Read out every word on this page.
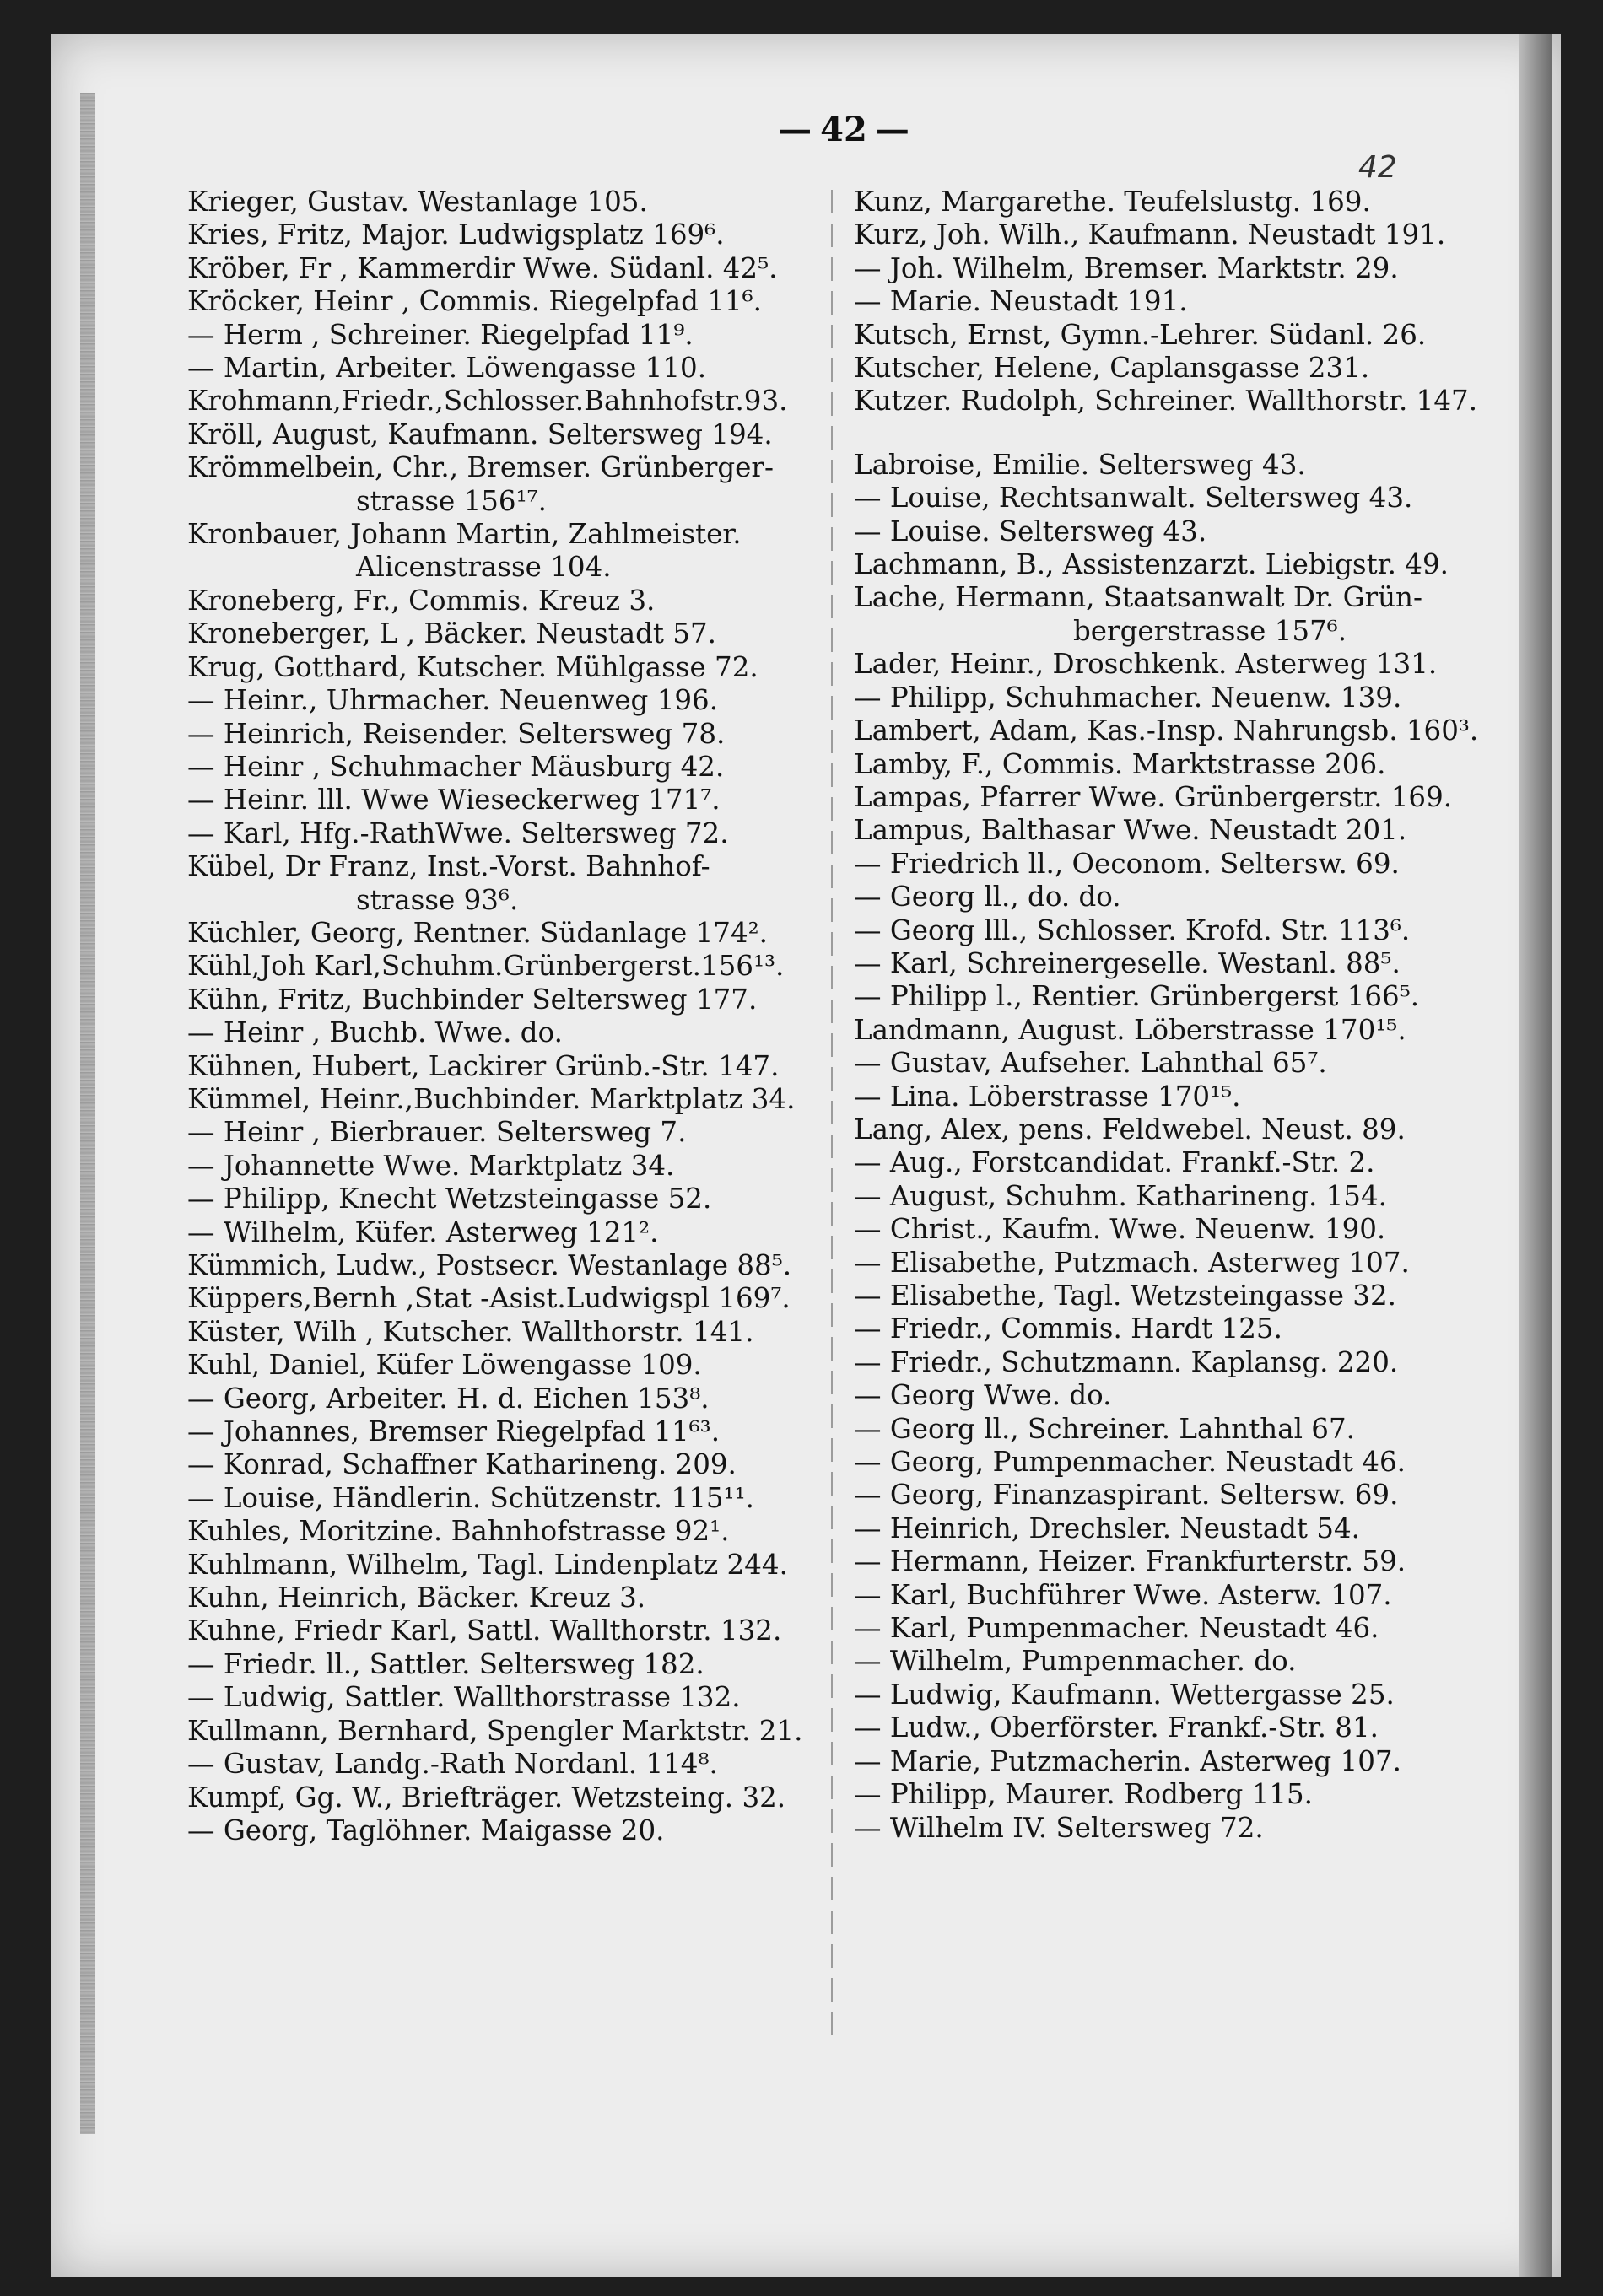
— 42 —
42
Krieger, Gustav. Westanlage 105.
Kries, Fritz, Major. Ludwigsplatz 169⁶.
Kröber, Fr , Kammerdir Wwe. Südanl. 42⁵.
Kröcker, Heinr , Commis. Riegelpfad 11⁶.
— Herm , Schreiner. Riegelpfad 11⁹.
— Martin, Arbeiter. Löwengasse 110.
Krohmann,Friedr.,Schlosser.Bahnhofstr.93.
Kröll, August, Kaufmann. Seltersweg 194.
Krömmelbein, Chr., Bremser. Grünberger-
strasse 156¹⁷.
Kronbauer, Johann Martin, Zahlmeister.
Alicenstrasse 104.
Kroneberg, Fr., Commis. Kreuz 3.
Kroneberger, L , Bäcker. Neustadt 57.
Krug, Gotthard, Kutscher. Mühlgasse 72.
— Heinr., Uhrmacher. Neuenweg 196.
— Heinrich, Reisender. Seltersweg 78.
— Heinr , Schuhmacher Mäusburg 42.
— Heinr. lll. Wwe Wieseckerweg 171⁷.
— Karl, Hfg.-RathWwe. Seltersweg 72.
Kübel, Dr Franz, Inst.-Vorst. Bahnhof-
strasse 93⁶.
Küchler, Georg, Rentner. Südanlage 174².
Kühl,Joh Karl,Schuhm.Grünbergerst.156¹³.
Kühn, Fritz, Buchbinder Seltersweg 177.
— Heinr , Buchb. Wwe. do.
Kühnen, Hubert, Lackirer Grünb.-Str. 147.
Kümmel, Heinr.,Buchbinder. Marktplatz 34.
— Heinr , Bierbrauer. Seltersweg 7.
— Johannette Wwe. Marktplatz 34.
— Philipp, Knecht Wetzsteingasse 52.
— Wilhelm, Küfer. Asterweg 121².
Kümmich, Ludw., Postsecr. Westanlage 88⁵.
Küppers,Bernh ,Stat -Asist.Ludwigspl 169⁷.
Küster, Wilh , Kutscher. Wallthorstr. 141.
Kuhl, Daniel, Küfer Löwengasse 109.
— Georg, Arbeiter. H. d. Eichen 153⁸.
— Johannes, Bremser Riegelpfad 11⁶³.
— Konrad, Schaffner Katharineng. 209.
— Louise, Händlerin. Schützenstr. 115¹¹.
Kuhles, Moritzine. Bahnhofstrasse 92¹.
Kuhlmann, Wilhelm, Tagl. Lindenplatz 244.
Kuhn, Heinrich, Bäcker. Kreuz 3.
Kuhne, Friedr Karl, Sattl. Wallthorstr. 132.
— Friedr. ll., Sattler. Seltersweg 182.
— Ludwig, Sattler. Wallthorstrasse 132.
Kullmann, Bernhard, Spengler Marktstr. 21.
— Gustav, Landg.-Rath Nordanl. 114⁸.
Kumpf, Gg. W., Briefträger. Wetzsteing. 32.
— Georg, Taglöhner. Maigasse 20.
Kunz, Margarethe. Teufelslustg. 169.
Kurz, Joh. Wilh., Kaufmann. Neustadt 191.
— Joh. Wilhelm, Bremser. Marktstr. 29.
— Marie. Neustadt 191.
Kutsch, Ernst, Gymn.-Lehrer. Südanl. 26.
Kutscher, Helene, Caplansgasse 231.
Kutzer. Rudolph, Schreiner. Wallthorstr. 147.
Labroise, Emilie. Seltersweg 43.
— Louise, Rechtsanwalt. Seltersweg 43.
— Louise. Seltersweg 43.
Lachmann, B., Assistenzarzt. Liebigstr. 49.
Lache, Hermann, Staatsanwalt Dr. Grün-
bergerstrasse 157⁶.
Lader, Heinr., Droschkenk. Asterweg 131.
— Philipp, Schuhmacher. Neuenw. 139.
Lambert, Adam, Kas.-Insp. Nahrungsb. 160³.
Lamby, F., Commis. Marktstrasse 206.
Lampas, Pfarrer Wwe. Grünbergerstr. 169.
Lampus, Balthasar Wwe. Neustadt 201.
— Friedrich ll., Oeconom. Seltersw. 69.
— Georg ll., do. do.
— Georg lll., Schlosser. Krofd. Str. 113⁶.
— Karl, Schreinergeselle. Westanl. 88⁵.
— Philipp l., Rentier. Grünbergerst 166⁵.
Landmann, August. Löberstrasse 170¹⁵.
— Gustav, Aufseher. Lahnthal 65⁷.
— Lina. Löberstrasse 170¹⁵.
Lang, Alex, pens. Feldwebel. Neust. 89.
— Aug., Forstcandidat. Frankf.-Str. 2.
— August, Schuhm. Katharineng. 154.
— Christ., Kaufm. Wwe. Neuenw. 190.
— Elisabethe, Putzmach. Asterweg 107.
— Elisabethe, Tagl. Wetzsteingasse 32.
— Friedr., Commis. Hardt 125.
— Friedr., Schutzmann. Kaplansg. 220.
— Georg Wwe. do.
— Georg ll., Schreiner. Lahnthal 67.
— Georg, Pumpenmacher. Neustadt 46.
— Georg, Finanzaspirant. Seltersw. 69.
— Heinrich, Drechsler. Neustadt 54.
— Hermann, Heizer. Frankfurterstr. 59.
— Karl, Buchführer Wwe. Asterw. 107.
— Karl, Pumpenmacher. Neustadt 46.
— Wilhelm, Pumpenmacher. do.
— Ludwig, Kaufmann. Wettergasse 25.
— Ludw., Oberförster. Frankf.-Str. 81.
— Marie, Putzmacherin. Asterweg 107.
— Philipp, Maurer. Rodberg 115.
— Wilhelm IV. Seltersweg 72.
